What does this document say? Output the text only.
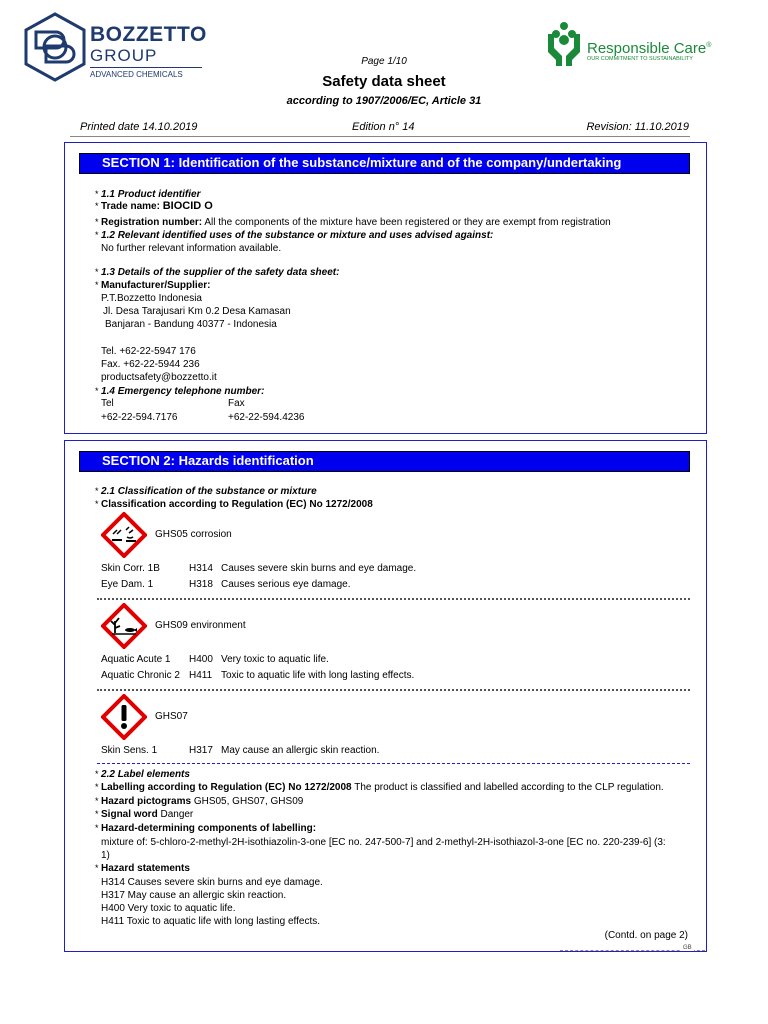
BOZZETTO
GROUP
ADVANCED CHEMICALS
Responsible Care®
OUR COMMITMENT TO SUSTAINABILITY
Page 1/10
Safety data sheet
according to 1907/2006/EC, Article 31
Printed date 14.10.2019	Edition n° 14	Revision: 11.10.2019
SECTION 1: Identification of the substance/mixture and of the company/undertaking
* 1.1 Product identifier
* Trade name: BIOCID O
* Registration number: All the components of the mixture have been registered or they are exempt from registration
* 1.2 Relevant identified uses of the substance or mixture and uses advised against:
No further relevant information available.
* 1.3 Details of the supplier of the safety data sheet:
* Manufacturer/Supplier:
P.T.Bozzetto Indonesia
Jl. Desa Tarajusari Km 0.2 Desa Kamasan
Banjaran - Bandung 40377 - Indonesia
Tel. +62-22-5947 176
Fax. +62-22-5944 236
productsafety@bozzetto.it
* 1.4 Emergency telephone number:
Tel	Fax
+62-22-594.7176	+62-22-594.4236
SECTION 2: Hazards identification
* 2.1 Classification of the substance or mixture
* Classification according to Regulation (EC) No 1272/2008
GHS05 corrosion
Skin Corr. 1B	H314 Causes severe skin burns and eye damage.
Eye Dam. 1	H318 Causes serious eye damage.
GHS09 environment
Aquatic Acute 1 H400 Very toxic to aquatic life.
Aquatic Chronic 2 H411 Toxic to aquatic life with long lasting effects.
GHS07
Skin Sens. 1	H317 May cause an allergic skin reaction.
* 2.2 Label elements
* Labelling according to Regulation (EC) No 1272/2008 The product is classified and labelled according to the CLP regulation.
* Hazard pictograms GHS05, GHS07, GHS09
* Signal word Danger
* Hazard-determining components of labelling:
mixture of: 5-chloro-2-methyl-2H-isothiazolin-3-one [EC no. 247-500-7] and 2-methyl-2H-isothiazol-3-one [EC no. 220-239-6] (3:
1)
* Hazard statements
H314 Causes severe skin burns and eye damage.
H317 May cause an allergic skin reaction.
H400 Very toxic to aquatic life.
H411 Toxic to aquatic life with long lasting effects.
(Contd. on page 2)
GB
